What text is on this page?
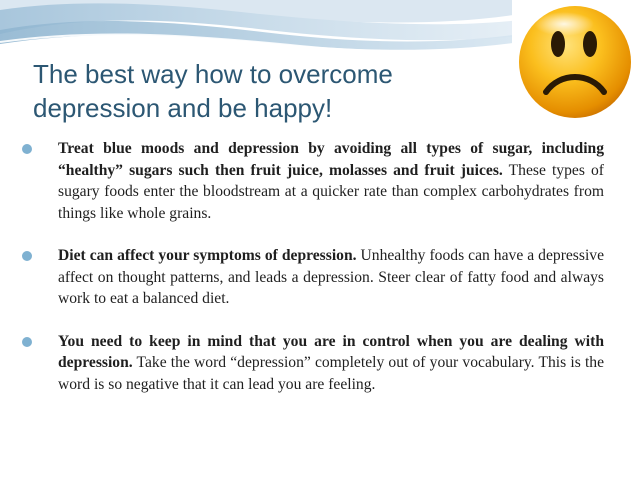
The best way how to overcome
depression and be happy!

Treat blue moods and depression by avoiding all types of sugar, including “healthy” sugars such then fruit juice, molasses and fruit juices. These types of sugary foods enter the bloodstream at a quicker rate than complex carbohydrates from things like whole grains.

Diet can affect your symptoms of depression. Unhealthy foods can have a depressive affect on thought patterns, and leads a depression. Steer clear of fatty food and always work to eat a balanced diet.

You need to keep in mind that you are in control when you are dealing with depression. Take the word “depression” completely out of your vocabulary. This is the word is so negative that it can lead you are feeling.
